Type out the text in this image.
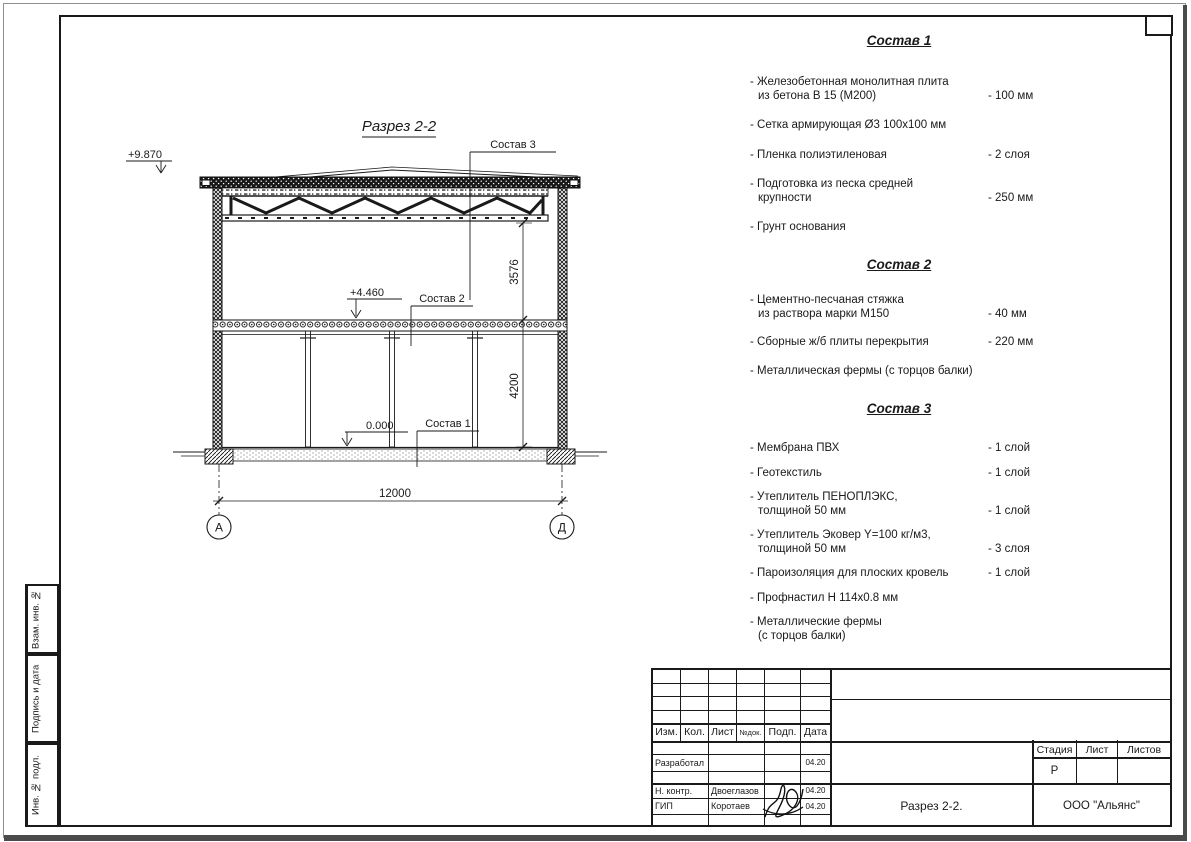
12000
А	Д
3576
4200
Состав 3
Состав 2
Состав 1
+9.870
+4.460
0.000
Разрез 2-2
Состав 1
- Железобетонная монолитная плита
из бетона В 15 (М200)	- 100 мм
- Сетка армирующая Ø3 100х100 мм
- Пленка полиэтиленовая	- 2 слоя
- Подготовка из песка средней
крупности	- 250 мм
- Грунт основания
Состав 2
- Цементно-песчаная стяжка
из раствора марки М150	- 40 мм
- Сборные ж/б плиты перекрытия	- 220 мм
- Металлическая фермы (с торцов балки)
Состав 3
- Мембрана ПВХ	- 1 слой
- Геотекстиль	- 1 слой
- Утеплитель ПЕНОПЛЭКС,
толщиной 50 мм	- 1 слой
- Утеплитель Эковер Y=100 кг/м3,
толщиной 50 мм	- 3 слоя
- Пароизоляция для плоских кровель	- 1 слой
- Профнастил Н 114х0.8 мм
- Металлические фермы
(с торцов балки)
Взам. инв. №
Подпись и дата
Инв. № подл.
Изм. Кол. Лист №док. Подп. Дата
Разработал	04.20
Н. контр.	Двоеглазов	04.20
ГИП	Коротаев	04.20
Стадия	Лист	Листов
Р
Разрез 2-2.	ООО "Альянс"
